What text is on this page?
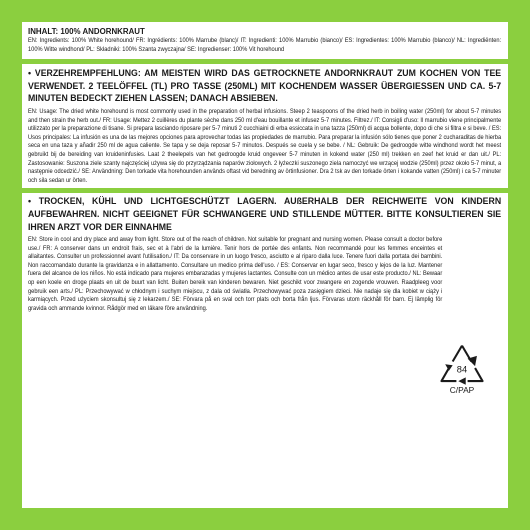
INHALT: 100% ANDORNKRAUT

EN: Ingredients: 100% White horehound/ FR: Ingrédients: 100% Marrube (blanc)/ IT: Ingredienti: 100% Marrubio (bianco)/ ES: Ingredientes: 100% Marrubio (blanco)/ NL: Ingrediënten: 100% Witte windhond/ PL: Składniki: 100% Szanta zwyczajna/ SE: Ingredienser: 100% Vit horehound

• VERZEHREMPFEHLUNG: AM MEISTEN WIRD DAS GETROCKNETE ANDORNKRAUT ZUM KOCHEN VON TEE VERWENDET. 2 TEELÖFFEL (TL) PRO TASSE (250ML) MIT KOCHENDEM WASSER ÜBERGIESSEN UND CA. 5-7 MINUTEN BEDECKT ZIEHEN LASSEN; DANACH ABSIEBEN.

EN: Usage: The dried white horehound is most commonly used in the preparation of herbal infusions. Steep 2 teaspoons of the dried herb in boiling water (250ml) for about 5-7 minutes and then strain the herb out./ FR: Usage: Mettez 2 cuillères du plante sèche dans 250 ml d'eau bouillante et infusez 5-7 minutes. Filtrez./ IT: Consigli d'uso: Il marrubio viene principalmente utilizzato per la preparazione di tisane. Si prepara lasciando riposare per 5-7 minuti 2 cucchiaini di erba essiccata in una tazza (250ml) di acqua bollente, dopo di che si filtra e si beve. / ES: Usos principales: La infusión es una de las mejores opciones para aprovechar todas las propiedades de marrubio. Para preparar la infusión sólo tienes que poner 2 cucharaditas de hierba seca en una taza y añadir 250 ml de agua caliente. Se tapa y se deja reposar 5-7 minutos. Después se cuela y se bebe. / NL: Gebruik: De gedroogde witte windhond wordt het meest gebruikt bij de bereiding van kruideninfusies. Laat 2 theelepels van het gedroogde kruid ongeveer 5-7 minuten in kokend water (250 ml) trekken en zeef het kruid er dan uit./ PL: Zastosowanie: Suszona ziele szanty najczęściej używa się do przyrządzania naparów ziołowych. 2 łyżeczki suszonego ziela namoczyć we wrzącej wodzie (250ml) przez około 5-7 minut, a następnie odcedzić./ SE: Användning: Den torkade vita horehounden används oftast vid beredning av örtinfusioner. Dra 2 tsk av den torkade örten i kokande vatten (250ml) i ca 5-7 minuter och sila sedan ur örten.

• TROCKEN, KÜHL UND LICHTGESCHÜTZT LAGERN. AUßERHALB DER REICHWEITE VON KINDERN AUFBEWAHREN. NICHT GEEIGNET FÜR SCHWANGERE UND STILLENDE MÜTTER. BITTE KONSULTIEREN SIE IHREN ARZT VOR DER EINNAHME

EN: Store in cool and dry place and away from light. Store out of the reach of children. Not suitable for pregnant and nursing women. Please consult a doctor before use./ FR: A conserver dans un endroit frais, sec et à l'abri de la lumière. Tenir hors de portée des enfants. Non recommandé pour les femmes enceintes et allaitantes. Consulter un professionnel avant l'utilisation./ IT: Da conservare in un luogo fresco, asciutto e al riparo dalla luce. Tenere fuori dalla portata dei bambini. Non raccomandato durante la gravidanza e in allattamento. Consultare un medico prima dell'uso. / ES: Conservar en lugar seco, fresco y lejos de la luz. Mantener fuera del alcance de los niños. No está indicado para mujeres embarazadas y mujeres lactantes. Consulte con un médico antes de usar este producto./ NL: Bewaar op een koele en droge plaats en uit de buurt van licht. Buiten bereik van kinderen bewaren. Niet geschikt voor zwangere en zogende vrouwen. Raadpleeg voor gebruik een arts./ PL: Przechowywać w chłodnym i suchym miejscu, z dala od światła. Przechowywać poza zasięgiem dzieci. Nie nadaje się dla kobiet w ciąży i karmiących. Przed użyciem skonsultuj się z lekarzem./ SE: Förvara på en sval och torr plats och borta från ljus. Förvaras utom räckhåll för barn. Ej lämplig för gravida och ammande kvinnor. Rådgör med en läkare före användning.

84
C/PAP
